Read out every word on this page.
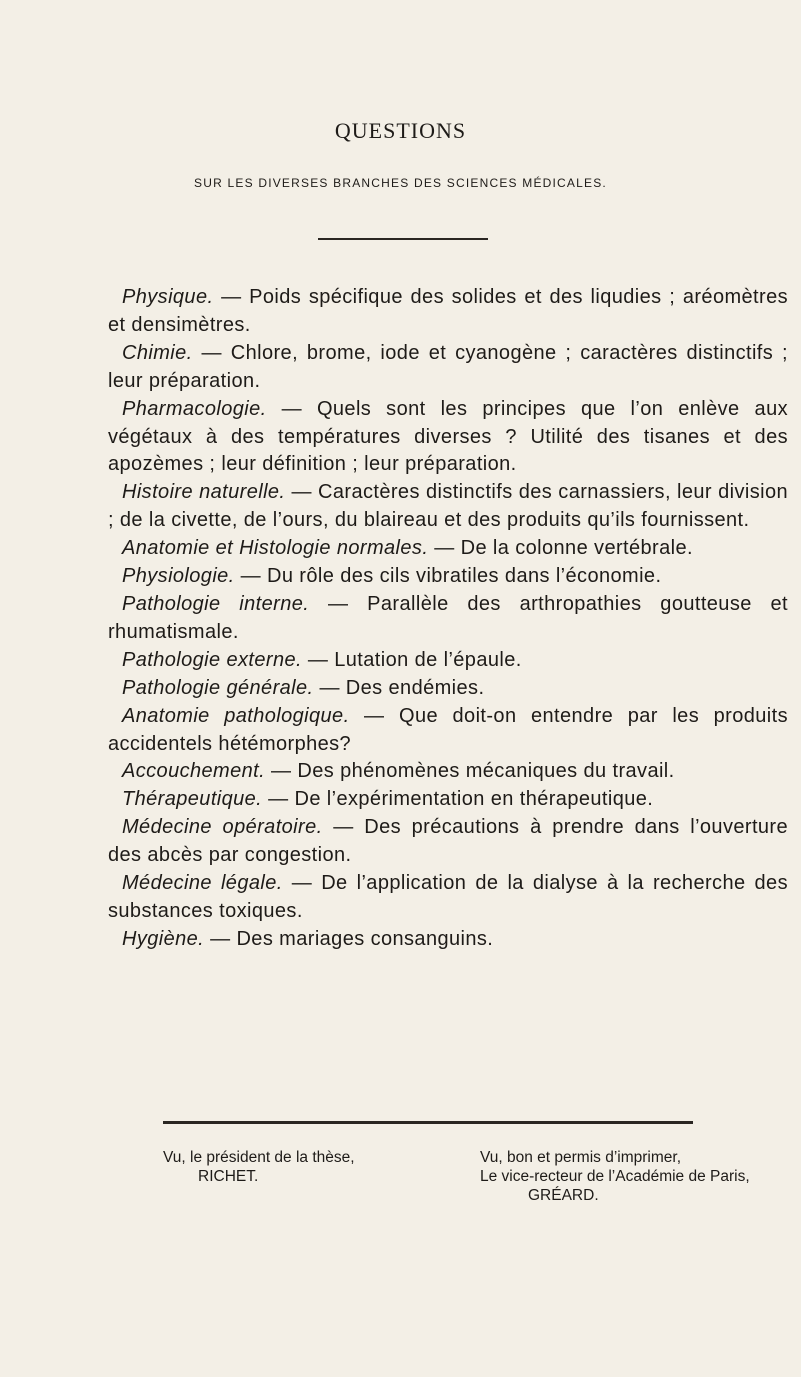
QUESTIONS
SUR LES DIVERSES BRANCHES DES SCIENCES MÉDICALES.

Physique. — Poids spécifique des solides et des liqudies ; aréomètres et densimètres.

Chimie. — Chlore, brome, iode et cyanogène ; caractères distinctifs ; leur préparation.

Pharmacologie. — Quels sont les principes que l’on enlève aux végétaux à des températures diverses ? Utilité des tisanes et des apozèmes ; leur définition ; leur préparation.

Histoire naturelle. — Caractères distinctifs des carnassiers, leur division ; de la civette, de l’ours, du blaireau et des produits qu’ils fournissent.

Anatomie et Histologie normales. — De la colonne vertébrale.

Physiologie. — Du rôle des cils vibratiles dans l’économie.

Pathologie interne. — Parallèle des arthropathies goutteuse et rhumatismale.

Pathologie externe. — Lutation de l’épaule.

Pathologie générale. — Des endémies.

Anatomie pathologique. — Que doit-on entendre par les produits accidentels hétémorphes?

Accouchement. — Des phénomènes mécaniques du travail.

Thérapeutique. — De l’expérimentation en thérapeutique.

Médecine opératoire. — Des précautions à prendre dans l’ouverture des abcès par congestion.

Médecine légale. — De l’application de la dialyse à la recherche des substances toxiques.

Hygiène. — Des mariages consanguins.

Vu, le président de la thèse,
RICHET.
Vu, bon et permis d’imprimer,
Le vice-recteur de l’Académie de Paris,
GRÉARD.
